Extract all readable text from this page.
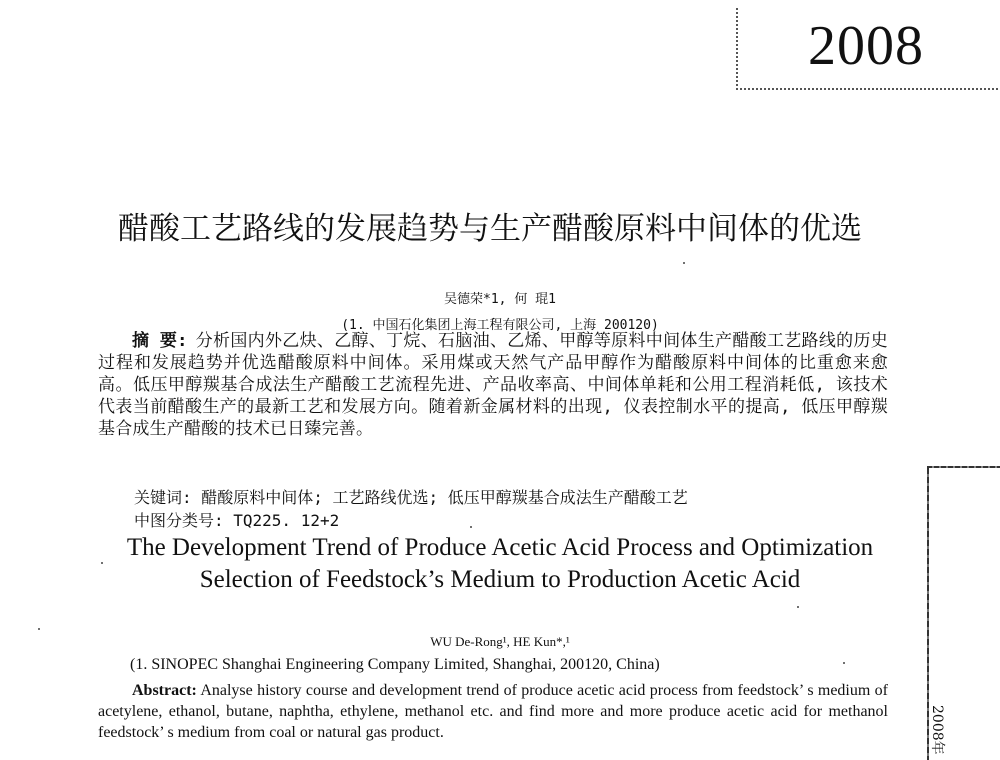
2008
醋酸工艺路线的发展趋势与生产醋酸原料中间体的优选
吴德荣*1, 何 琨1
(1. 中国石化集团上海工程有限公司, 上海 200120)
摘 要: 分析国内外乙炔、乙醇、丁烷、石脑油、乙烯、甲醇等原料中间体生产醋酸工艺路线的历史过程和发展趋势并优选醋酸原料中间体。采用煤或天然气产品甲醇作为醋酸原料中间体的比重愈来愈高。低压甲醇羰基合成法生产醋酸工艺流程先进、产品收率高、中间体单耗和公用工程消耗低, 该技术代表当前醋酸生产的最新工艺和发展方向。随着新金属材料的出现, 仪表控制水平的提高, 低压甲醇羰基合成生产醋酸的技术已日臻完善。
关键词: 醋酸原料中间体; 工艺路线优选; 低压甲醇羰基合成法生产醋酸工艺
中图分类号: TQ225. 12+2
The Development Trend of Produce Acetic Acid Process and Optimization Selection of Feedstock’s Medium to Production Acetic Acid
WU De-Rong¹, HE Kun*,¹
(1. SINOPEC Shanghai Engineering Company Limited, Shanghai, 200120, China)
Abstract: Analyse history course and development trend of produce acetic acid process from feedstock’ s medium of acetylene, ethanol, butane, naphtha, ethylene, methanol etc. and find more and more produce acetic acid for methanol feedstock’ s medium from coal or natural gas product.	2008年
